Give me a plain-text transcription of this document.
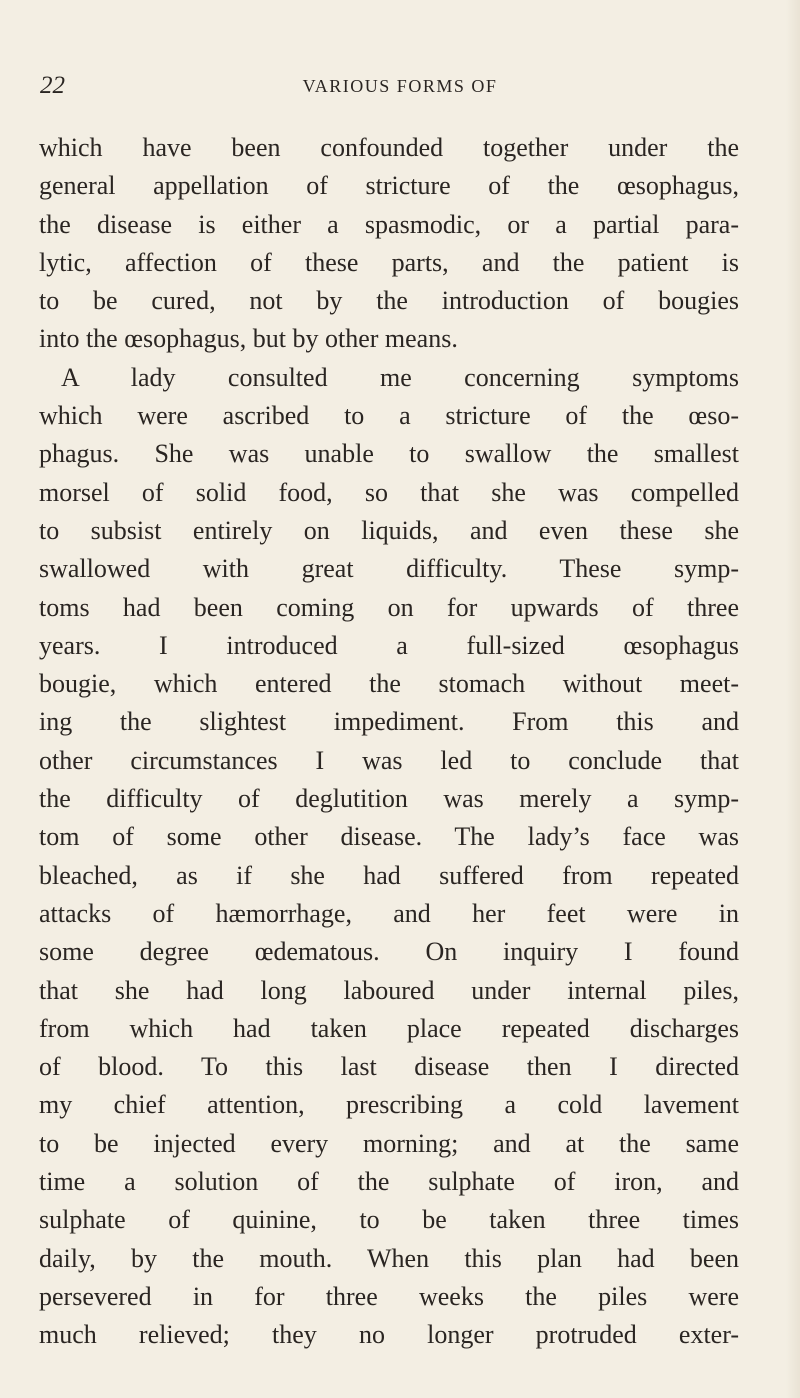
22	VARIOUS FORMS OF
which have been confounded together under the
general appellation of stricture of the œsophagus,
the disease is either a spasmodic, or a partial para-
lytic, affection of these parts, and the patient is
to be cured, not by the introduction of bougies
into the œsophagus, but by other means.
A lady consulted me concerning symptoms
which were ascribed to a stricture of the œso-
phagus. She was unable to swallow the smallest
morsel of solid food, so that she was compelled
to subsist entirely on liquids, and even these she
swallowed with great difficulty. These symp-
toms had been coming on for upwards of three
years. I introduced a full-sized œsophagus
bougie, which entered the stomach without meet-
ing the slightest impediment. From this and
other circumstances I was led to conclude that
the difficulty of deglutition was merely a symp-
tom of some other disease. The lady’s face was
bleached, as if she had suffered from repeated
attacks of hæmorrhage, and her feet were in
some degree œdematous. On inquiry I found
that she had long laboured under internal piles,
from which had taken place repeated discharges
of blood. To this last disease then I directed
my chief attention, prescribing a cold lavement
to be injected every morning; and at the same
time a solution of the sulphate of iron, and
sulphate of quinine, to be taken three times
daily, by the mouth. When this plan had been
persevered in for three weeks the piles were
much relieved; they no longer protruded exter-
